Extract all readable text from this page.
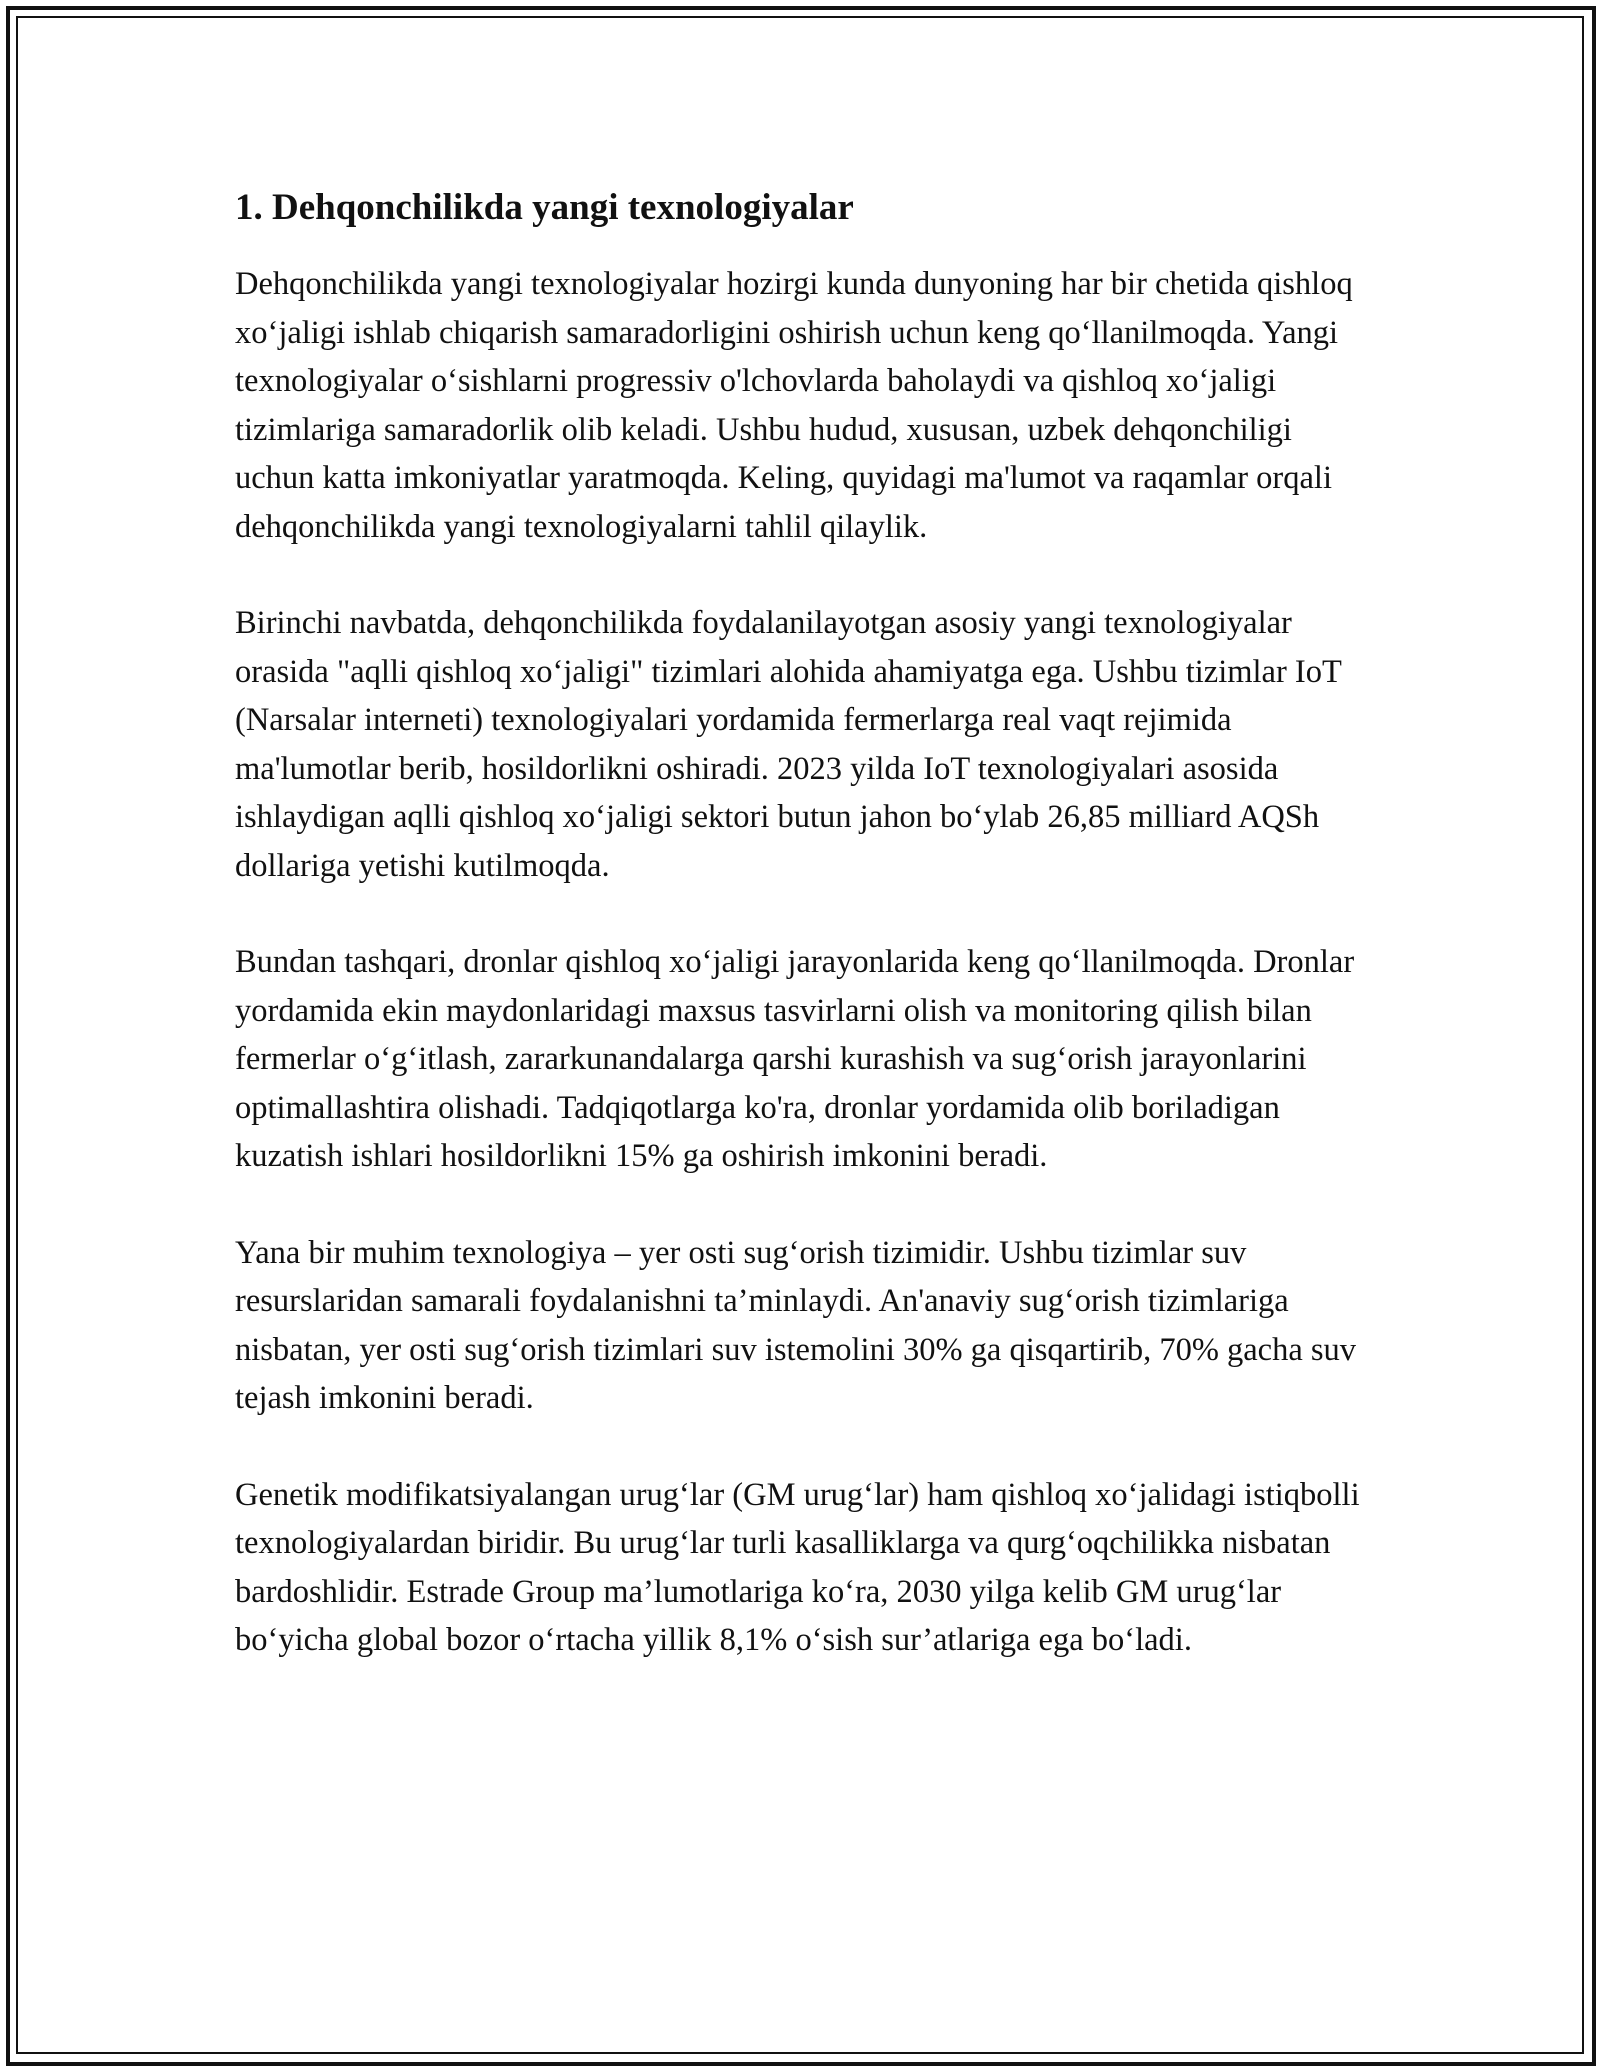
1. Dehqonchilikda yangi texnologiyalar

Dehqonchilikda yangi texnologiyalar hozirgi kunda dunyoning har bir chetida qishloq xo‘jaligi ishlab chiqarish samaradorligini oshirish uchun keng qo‘llanilmoqda. Yangi texnologiyalar o‘sishlarni progressiv o'lchovlarda baholaydi va qishloq xo‘jaligi tizimlariga samaradorlik olib keladi. Ushbu hudud, xususan, uzbek dehqonchiligi uchun katta imkoniyatlar yaratmoqda. Keling, quyidagi ma'lumot va raqamlar orqali dehqonchilikda yangi texnologiyalarni tahlil qilaylik.

Birinchi navbatda, dehqonchilikda foydalanilayotgan asosiy yangi texnologiyalar orasida "aqlli qishloq xo‘jaligi" tizimlari alohida ahamiyatga ega. Ushbu tizimlar IoT (Narsalar interneti) texnologiyalari yordamida fermerlarga real vaqt rejimida ma'lumotlar berib, hosildorlikni oshiradi. 2023 yilda IoT texnologiyalari asosida ishlaydigan aqlli qishloq xo‘jaligi sektori butun jahon bo‘ylab 26,85 milliard AQSh dollariga yetishi kutilmoqda.

Bundan tashqari, dronlar qishloq xo‘jaligi jarayonlarida keng qo‘llanilmoqda. Dronlar yordamida ekin maydonlaridagi maxsus tasvirlarni olish va monitoring qilish bilan fermerlar o‘g‘itlash, zararkunandalarga qarshi kurashish va sug‘orish jarayonlarini optimallashtira olishadi. Tadqiqotlarga ko'ra, dronlar yordamida olib boriladigan kuzatish ishlari hosildorlikni 15% ga oshirish imkonini beradi.

Yana bir muhim texnologiya – yer osti sug‘orish tizimidir. Ushbu tizimlar suv resurslaridan samarali foydalanishni ta’minlaydi. An'anaviy sug‘orish tizimlariga nisbatan, yer osti sug‘orish tizimlari suv istemolini 30% ga qisqartirib, 70% gacha suv tejash imkonini beradi.

Genetik modifikatsiyalangan urug‘lar (GM urug‘lar) ham qishloq xo‘jalidagi istiqbolli texnologiyalardan biridir. Bu urug‘lar turli kasalliklarga va qurg‘oqchilikka nisbatan bardoshlidir. Estrade Group ma’lumotlariga ko‘ra, 2030 yilga kelib GM urug‘lar bo‘yicha global bozor o‘rtacha yillik 8,1% o‘sish sur’atlariga ega bo‘ladi.
